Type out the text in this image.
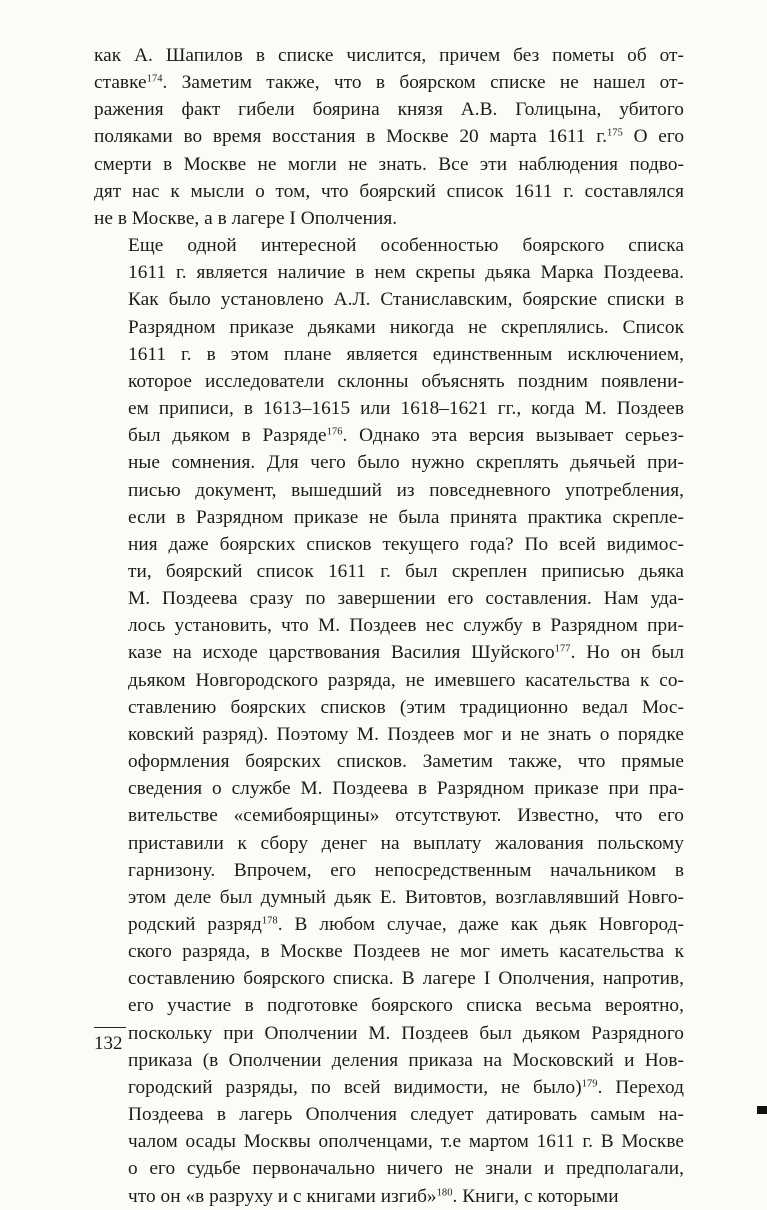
как А. Шапилов в списке числится, причем без пометы об от-
ставке$^{174}$. Заметим также, что в боярском списке не нашел от-
ражения факт гибели боярина князя А.В. Голицына, убитого
поляками во время восстания в Москве 20 марта 1611 г.$^{175}$ О его
смерти в Москве не могли не знать. Все эти наблюдения подво-
дят нас к мысли о том, что боярский список 1611 г. составлялся
не в Москве, а в лагере I Ополчения.

Еще одной интересной особенностью боярского списка
1611 г. является наличие в нем скрепы дьяка Марка Поздеева.
Как было установлено А.Л. Станиславским, боярские списки в
Разрядном приказе дьяками никогда не скреплялись. Список
1611 г. в этом плане является единственным исключением,
которое исследователи склонны объяснять поздним появлени-
ем приписи, в 1613–1615 или 1618–1621 гг., когда М. Поздеев
был дьяком в Разряде$^{176}$. Однако эта версия вызывает серьез-
ные сомнения. Для чего было нужно скреплять дьячьей при-
писью документ, вышедший из повседневного употребления,
если в Разрядном приказе не была принята практика скрепле-
ния даже боярских списков текущего года? По всей видимос-
ти, боярский список 1611 г. был скреплен приписью дьяка
М. Поздеева сразу по завершении его составления. Нам уда-
лось установить, что М. Поздеев нес службу в Разрядном при-
казе на исходе царствования Василия Шуйского$^{177}$. Но он был
дьяком Новгородского разряда, не имевшего касательства к со-
ставлению боярских списков (этим традиционно ведал Мос-
ковский разряд). Поэтому М. Поздеев мог и не знать о порядке
оформления боярских списков. Заметим также, что прямые
сведения о службе М. Поздеева в Разрядном приказе при пра-
вительстве «семибоярщины» отсутствуют. Известно, что его
приставили к сбору денег на выплату жалования польскому
гарнизону. Впрочем, его непосредственным начальником в
этом деле был думный дьяк Е. Витовтов, возглавлявший Новго-
родский разряд$^{178}$. В любом случае, даже как дьяк Новгород-
ского разряда, в Москве Поздеев не мог иметь касательства к
составлению боярского списка. В лагере I Ополчения, напротив,
его участие в подготовке боярского списка весьма вероятно,
поскольку при Ополчении М. Поздеев был дьяком Разрядного
приказа (в Ополчении деления приказа на Московский и Нов-
городский разряды, по всей видимости, не было)$^{179}$. Переход
Поздеева в лагерь Ополчения следует датировать самым на-
чалом осады Москвы ополченцами, т.е мартом 1611 г. В Москве
о его судьбе первоначально ничего не знали и предполагали,
что он «в разруху и с книгами изгиб»$^{180}$. Книги, с которыми

132
